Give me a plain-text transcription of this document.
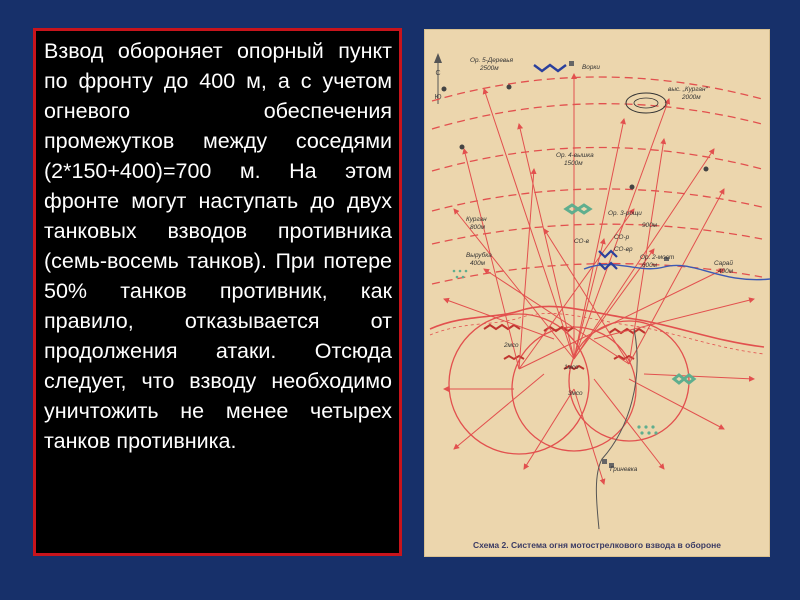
Взвод обороняет опорный пункт по фронту до 400 м, а с учетом огневого обеспечения промежутков между соседями (2*150+400)=700 м. На этом фронте могут наступать до двух танковых взводов противника (семь-восемь танков). При потере 50% танков противник, как правило, отказывается от продолжения атаки. Отсюда следует, что взводу необходимо уничтожить не менее четырех танков противника.

С
Ю
Ор. 5-Деревья
2500м	Ворки
выс. „Курган“
2000м
Ор. 4-вышка
1500м
Курган
800м
Ор. 3-рощи
900м
Вырубка
400м
СО-в
СО-р
СО-вр
Ор. 2-мост
600м	Сарай
400м
2мсо
1мсо
3мсо
Гриневка
Схема 2. Система огня мотострелкового взвода в обороне
